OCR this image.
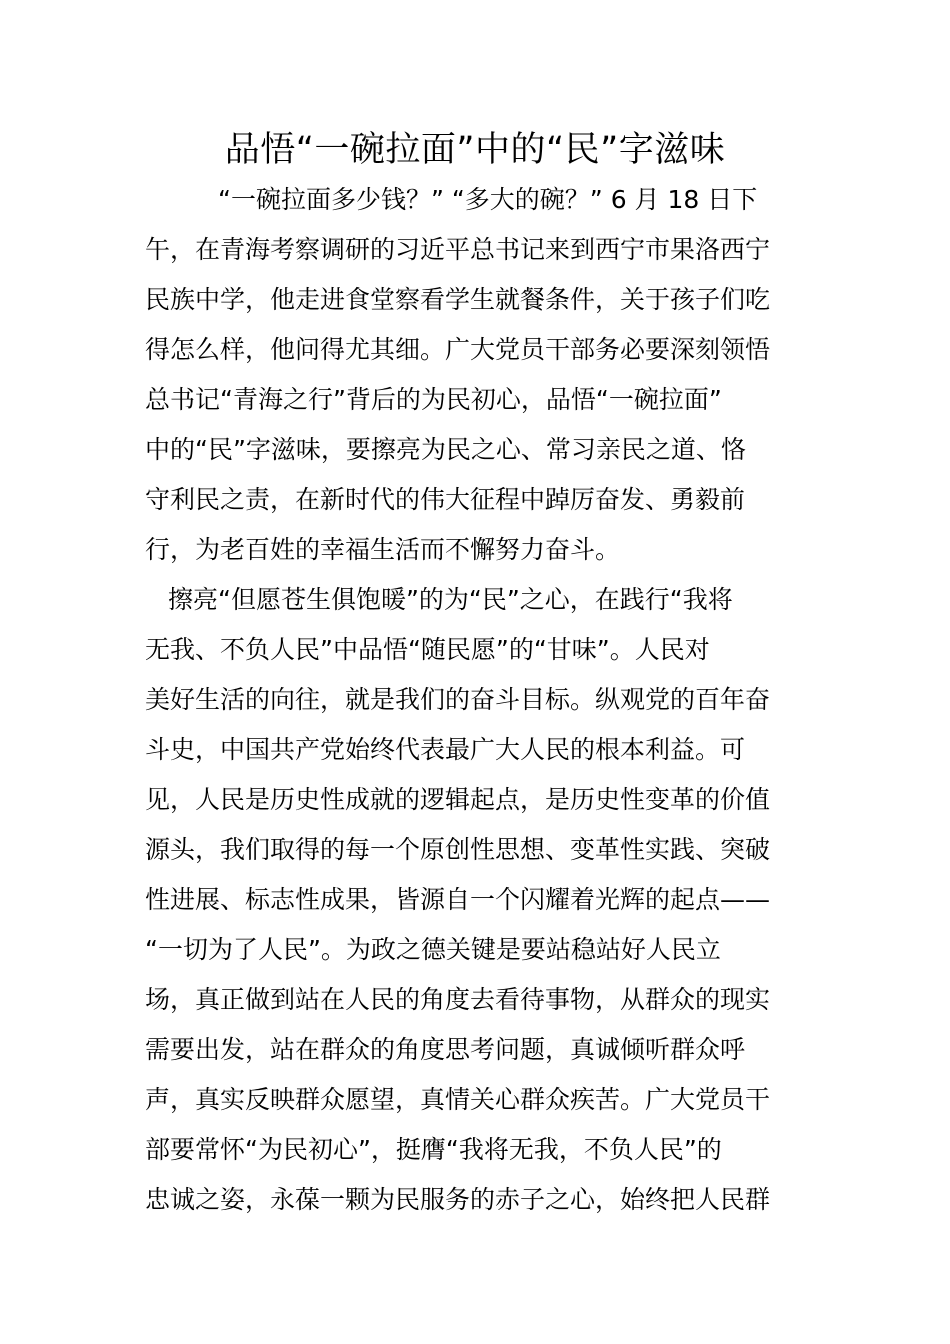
品悟“一碗拉面”中的“民”字滋味
“一碗拉面多少钱？” “多大的碗？” 6 月 18 日下
午，在青海考察调研的习近平总书记来到西宁市果洛西宁
民族中学，他走进食堂察看学生就餐条件，关于孩子们吃
得怎么样，他问得尤其细。广大党员干部务必要深刻领悟
总书记“青海之行”背后的为民初心，品悟“一碗拉面”
中的“民”字滋味，要擦亮为民之心、常习亲民之道、恪
守利民之责，在新时代的伟大征程中踔厉奋发、勇毅前
行，为老百姓的幸福生活而不懈努力奋斗。
擦亮“但愿苍生俱饱暖”的为“民”之心，在践行“我将
无我、不负人民”中品悟“随民愿”的“甘味”。人民对
美好生活的向往，就是我们的奋斗目标。纵观党的百年奋
斗史，中国共产党始终代表最广大人民的根本利益。可
见，人民是历史性成就的逻辑起点，是历史性变革的价值
源头，我们取得的每一个原创性思想、变革性实践、突破
性进展、标志性成果，皆源自一个闪耀着光辉的起点——
“一切为了人民”。为政之德关键是要站稳站好人民立
场，真正做到站在人民的角度去看待事物，从群众的现实
需要出发，站在群众的角度思考问题，真诚倾听群众呼
声，真实反映群众愿望，真情关心群众疾苦。广大党员干
部要常怀“为民初心”，挺膺“我将无我，不负人民”的
忠诚之姿，永葆一颗为民服务的赤子之心，始终把人民群
